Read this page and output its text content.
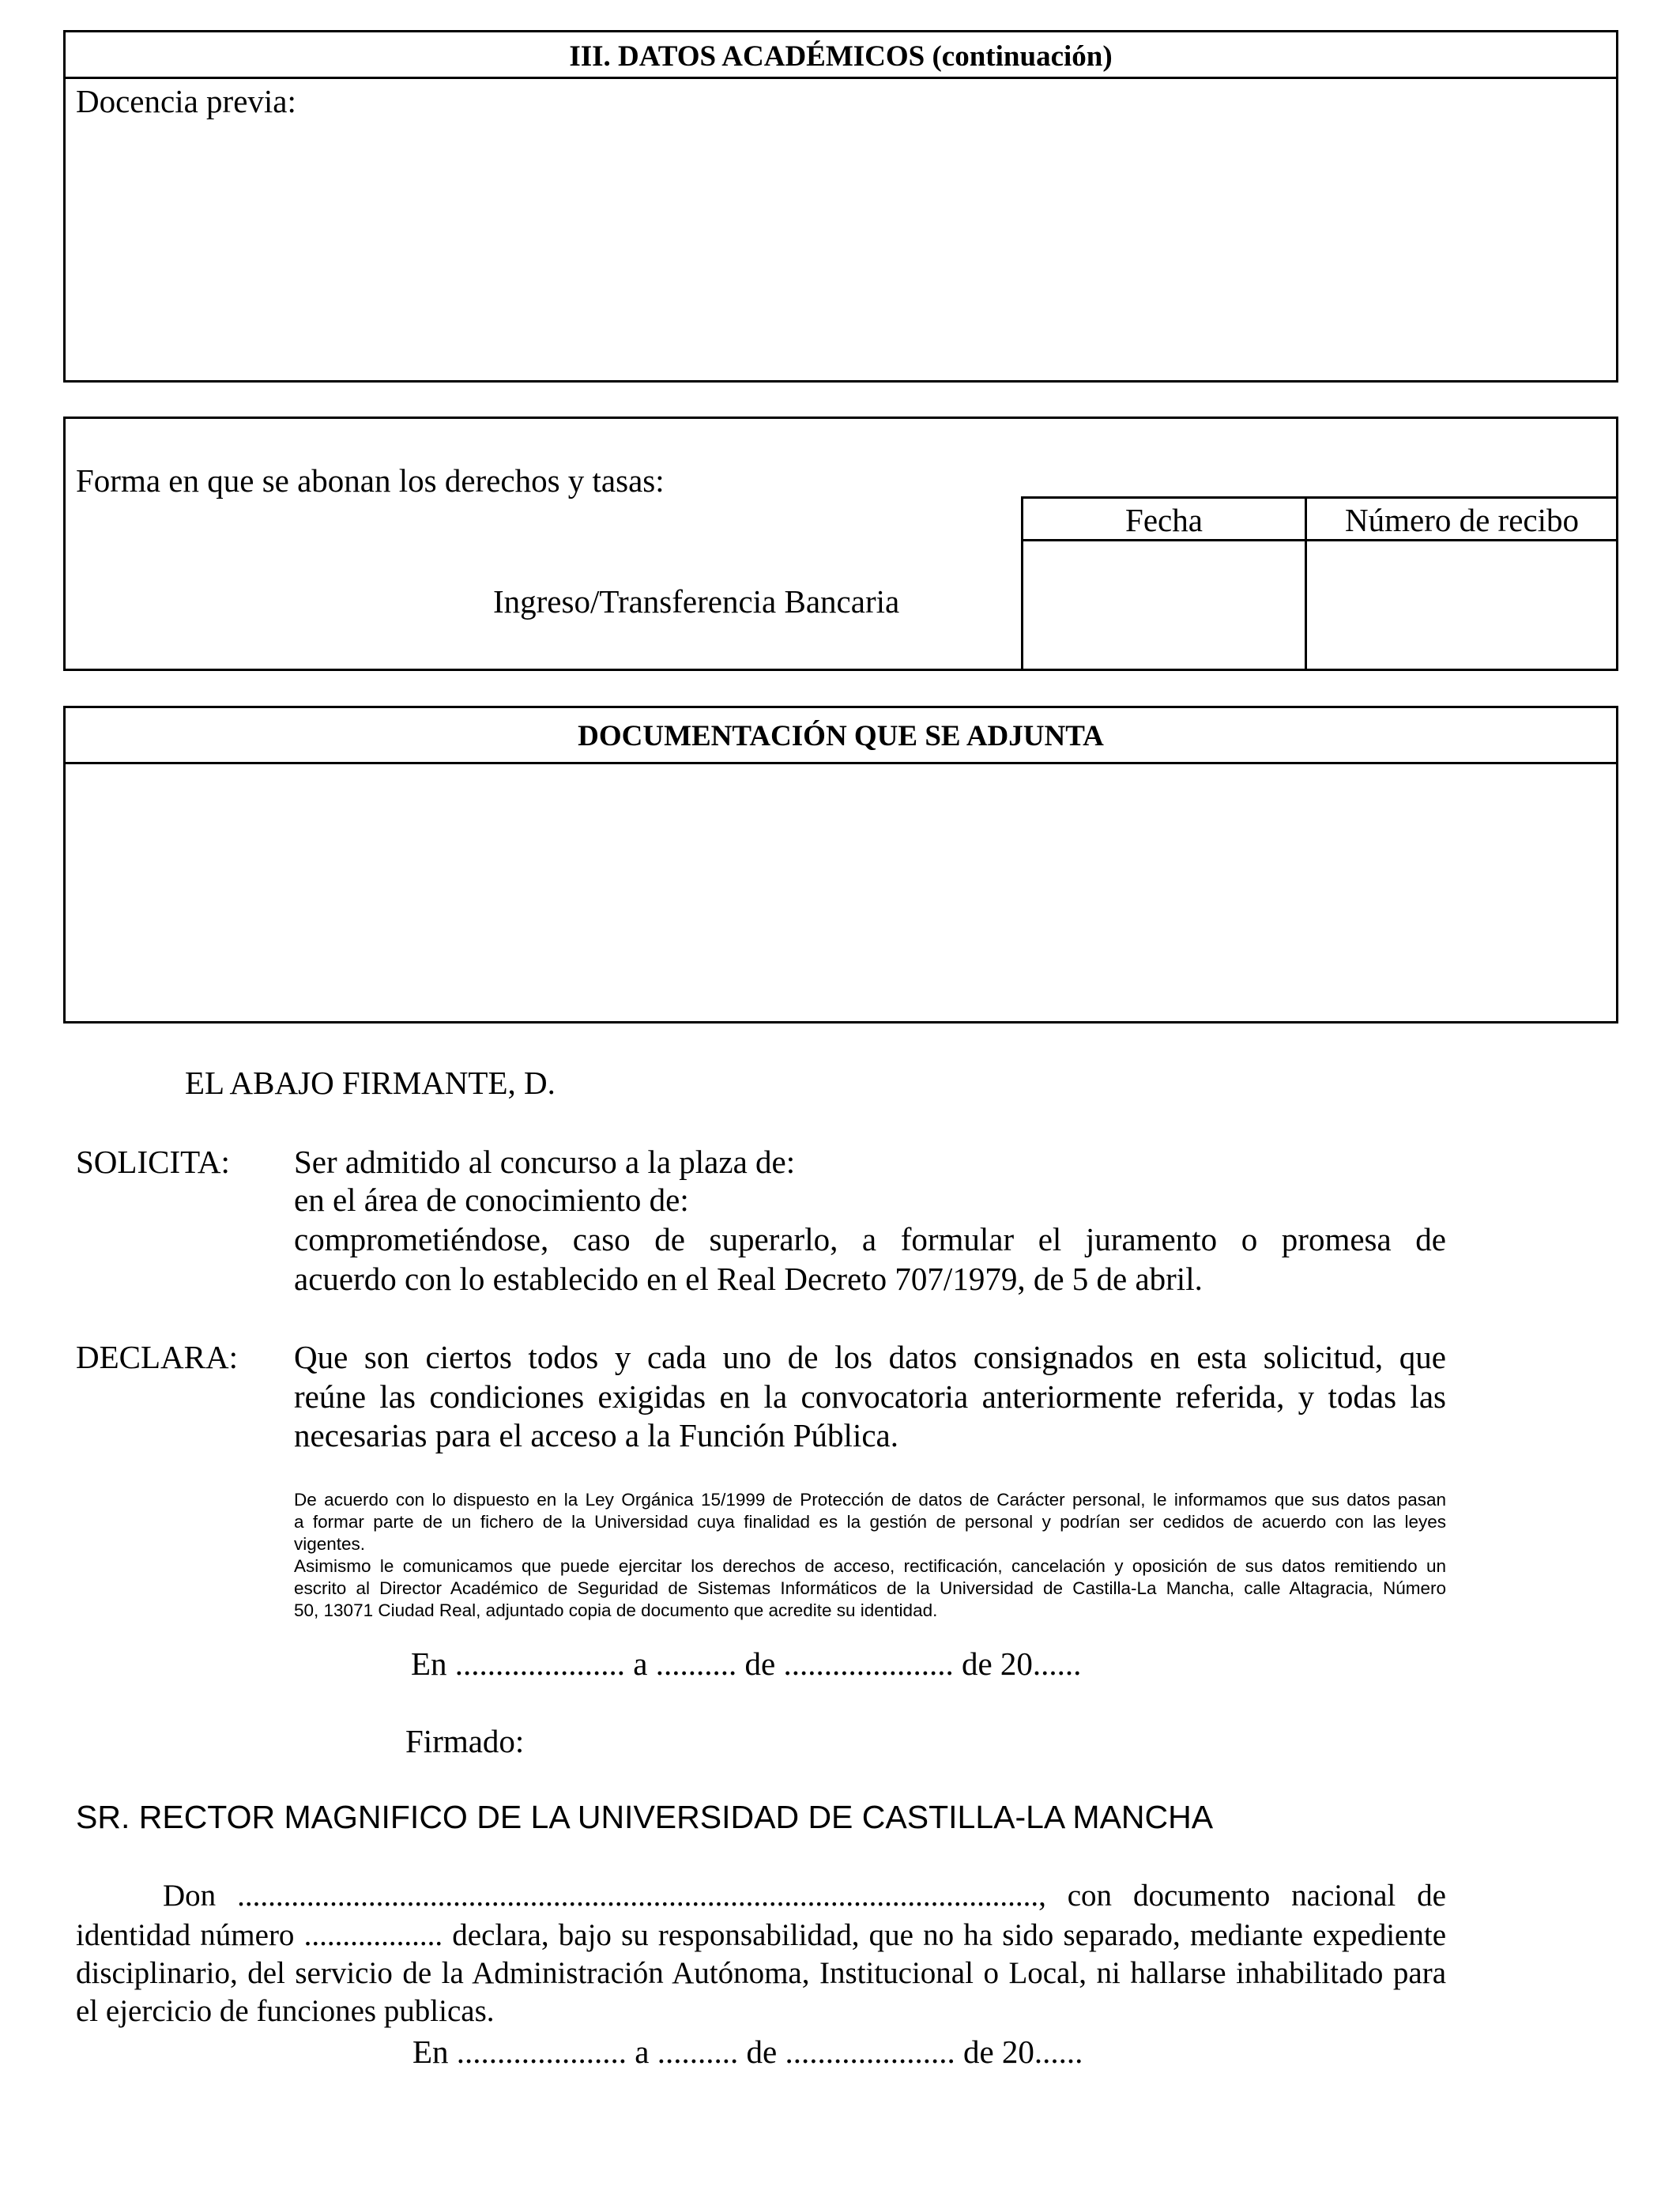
III. DATOS ACADÉMICOS (continuación)
Docencia previa:
Forma en que se abonan los derechos y tasas:
Ingreso/Transferencia Bancaria
Fecha	Número de recibo
DOCUMENTACIÓN QUE SE ADJUNTA
EL ABAJO FIRMANTE, D.
SOLICITA: Ser admitido al concurso a la plaza de:
en el área de conocimiento de:
comprometiéndose, caso de superarlo, a formular el juramento o promesa de
acuerdo con lo establecido en el Real Decreto 707/1979, de 5 de abril.
DECLARA: Que son ciertos todos y cada uno de los datos consignados en esta solicitud, que
reúne las condiciones exigidas en la convocatoria anteriormente referida, y todas las
necesarias para el acceso a la Función Pública.
De acuerdo con lo dispuesto en la Ley Orgánica 15/1999 de Protección de datos de Carácter personal, le informamos que sus datos pasan
a formar parte de un fichero de la Universidad cuya finalidad es la gestión de personal y podrían ser cedidos de acuerdo con las leyes
vigentes.
Asimismo le comunicamos que puede ejercitar los derechos de acceso, rectificación, cancelación y oposición de sus datos remitiendo un
escrito al Director Académico de Seguridad de Sistemas Informáticos de la Universidad de Castilla-La Mancha, calle Altagracia, Número
50, 13071 Ciudad Real, adjuntado copia de documento que acredite su identidad.
En ..................... a .......... de ..................... de 20......
Firmado:
SR. RECTOR MAGNIFICO DE LA UNIVERSIDAD DE CASTILLA-LA MANCHA
Don ........................................................................................................, con documento nacional de
identidad número .................. declara, bajo su responsabilidad, que no ha sido separado, mediante expediente
disciplinario, del servicio de la Administración Autónoma, Institucional o Local, ni hallarse inhabilitado para
el ejercicio de funciones publicas.
En ..................... a .......... de ..................... de 20......
